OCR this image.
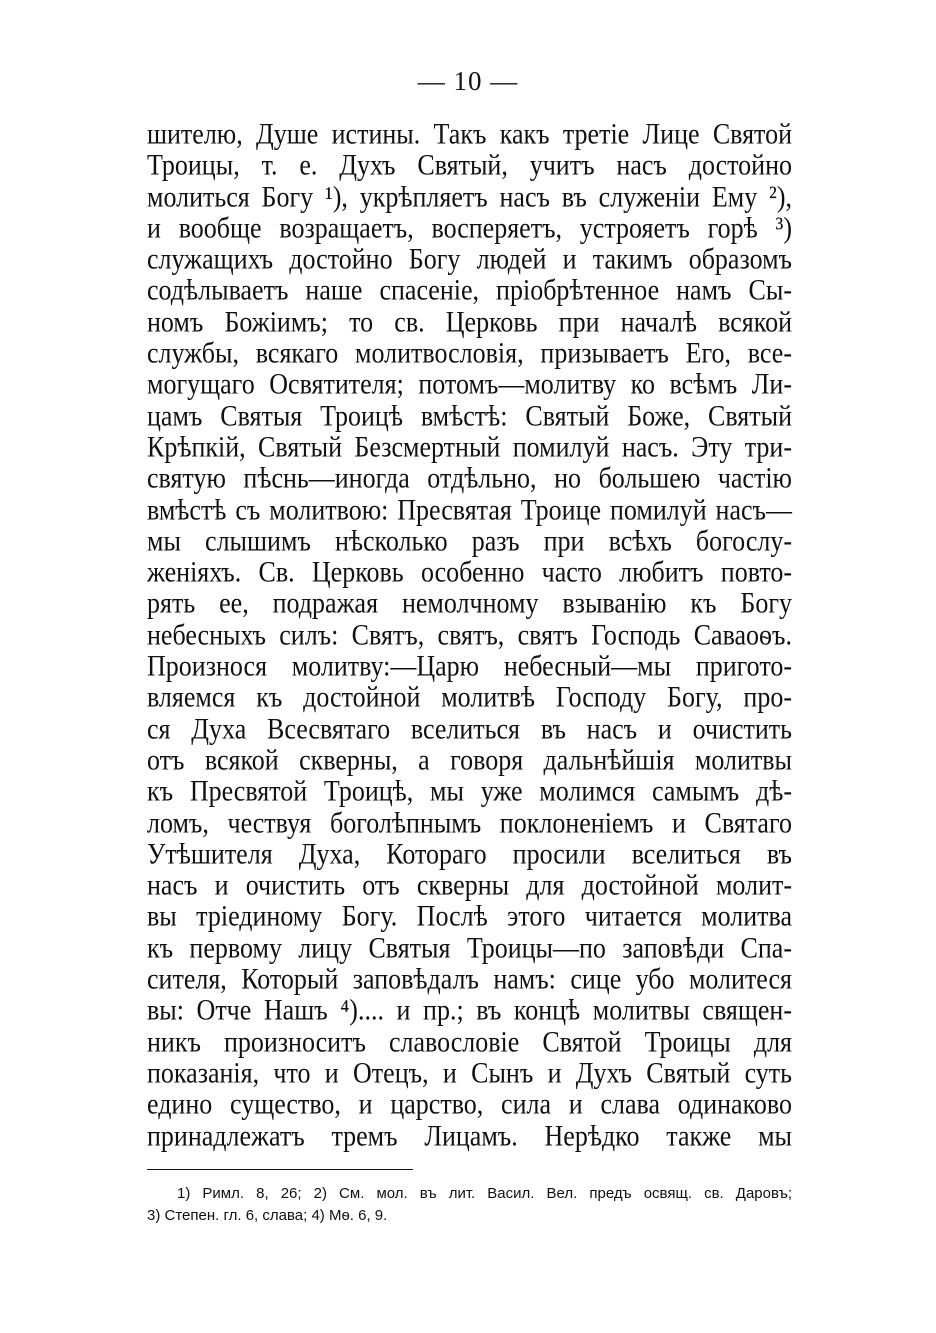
— 10 —
шителю, Душе истины. Такъ какъ третіе Лице Святой
Троицы, т. е. Духъ Святый, учитъ насъ достойно
молиться Богу ¹), укрѣпляетъ насъ въ служеніи Ему ²),
и вообще возращаетъ, восперяетъ, устрояетъ горѣ ³)
служащихъ достойно Богу людей и такимъ образомъ
содѣлываетъ наше спасеніе, пріобрѣтенное намъ Сы-
номъ Божіимъ; то св. Церковь при началѣ всякой
службы, всякаго молитвословія, призываетъ Его, все-
могущаго Освятителя; потомъ—молитву ко всѣмъ Ли-
цамъ Святыя Троицѣ вмѣстѣ: Святый Боже, Святый
Крѣпкій, Святый Безсмертный помилуй насъ. Эту три-
святую пѣснь—иногда отдѣльно, но большею частію
вмѣстѣ съ молитвою: Пресвятая Троице помилуй насъ—
мы слышимъ нѣсколько разъ при всѣхъ богослу-
женіяхъ. Св. Церковь особенно часто любитъ повто-
рять ее, подражая немолчному взыванію къ Богу
небесныхъ силъ: Святъ, святъ, святъ Господь Саваоѳъ.
Произнося молитву:—Царю небесный—мы пригото-
вляемся къ достойной молитвѣ Господу Богу, про-
ся Духа Всесвятаго вселиться въ насъ и очистить
отъ всякой скверны, а говоря дальнѣйшія молитвы
къ Пресвятой Троицѣ, мы уже молимся самымъ дѣ-
ломъ, чествуя боголѣпнымъ поклоненіемъ и Святаго
Утѣшителя Духа, Котораго просили вселиться въ
насъ и очистить отъ скверны для достойной молит-
вы тріединому Богу. Послѣ этого читается молитва
къ первому лицу Святыя Троицы—по заповѣди Спа-
сителя, Который заповѣдалъ намъ: сице убо молитеся
вы: Отче Нашъ ⁴).... и пр.; въ концѣ молитвы священ-
никъ произноситъ славословіе Святой Троицы для
показанія, что и Отецъ, и Сынъ и Духъ Святый суть
едино существо, и царство, сила и слава одинаково
принадлежатъ тремъ Лицамъ. Нерѣдко также мы
1) Римл. 8, 26; 2) См. мол. въ лит. Васил. Вел. предъ освящ. св. Даровъ;
3) Степен. гл. 6, слава; 4) Мѳ. 6, 9.
